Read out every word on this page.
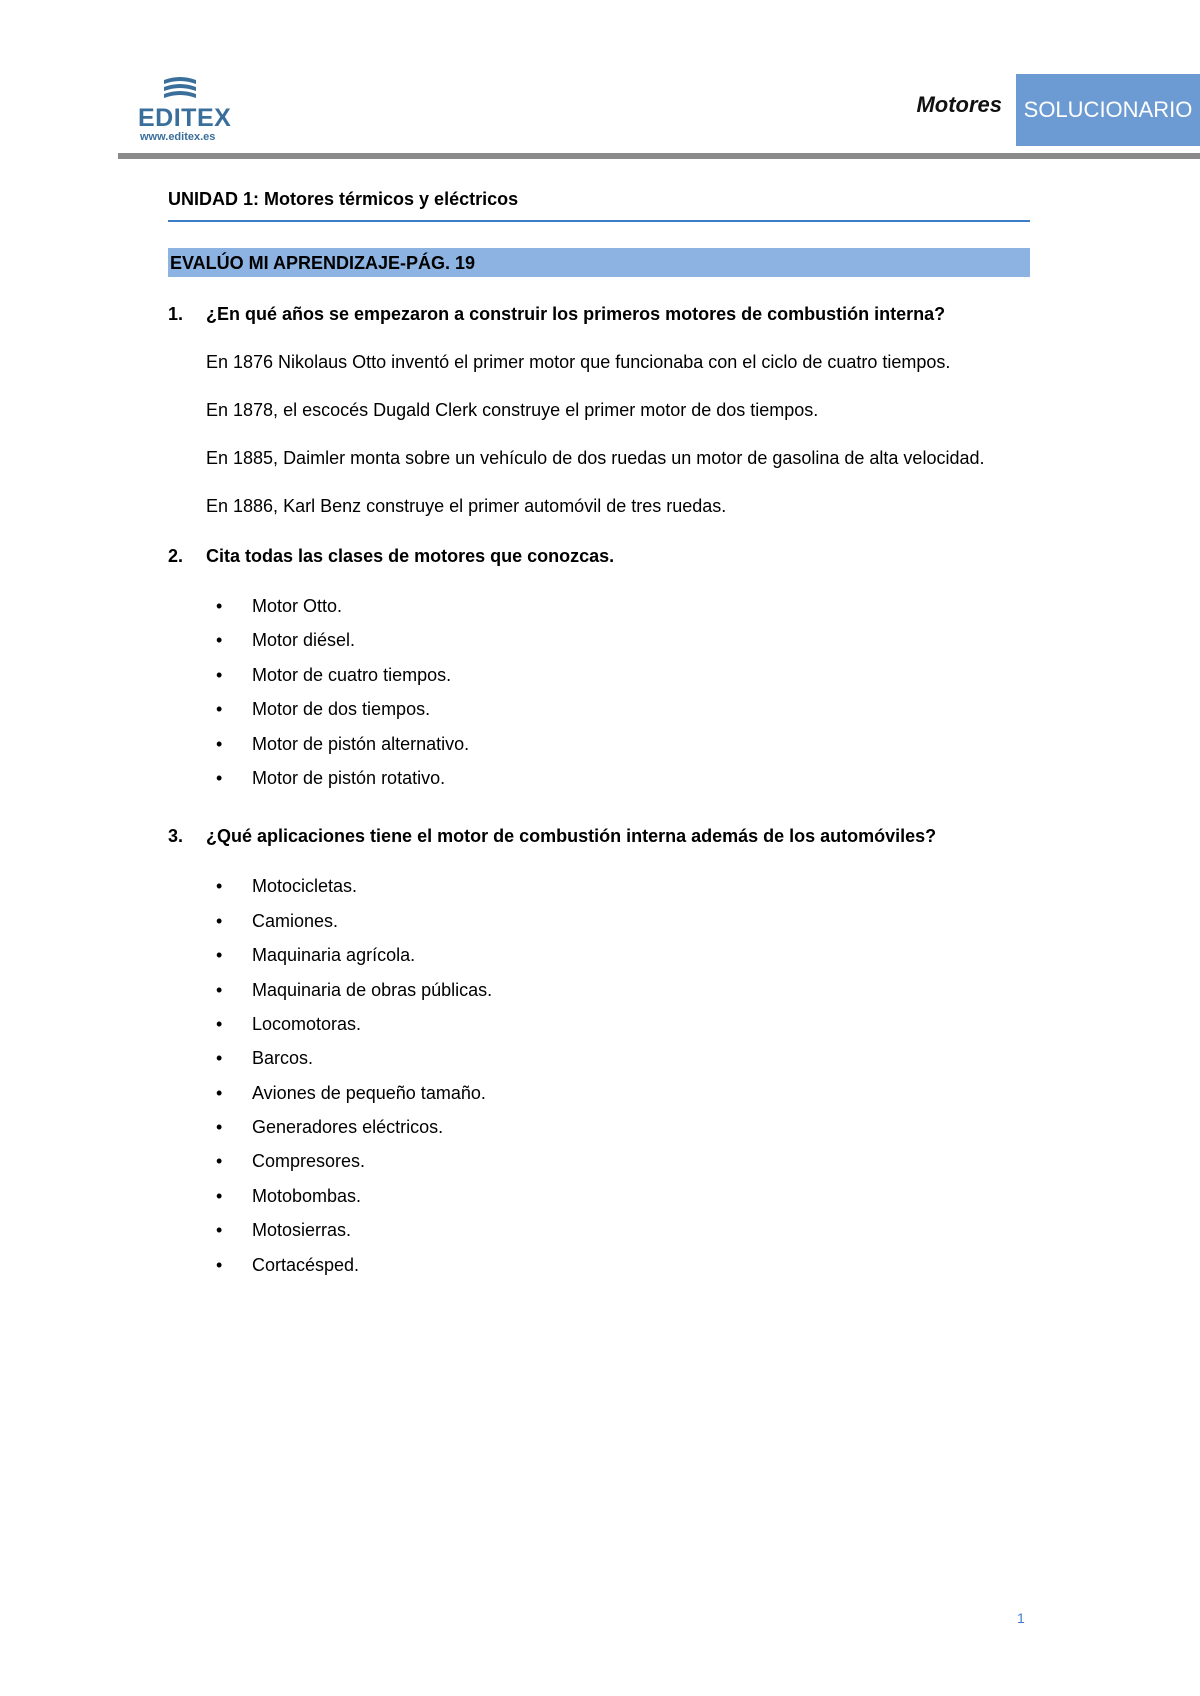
EDITEX
www.editex.es
Motores SOLUCIONARIO
UNIDAD 1: Motores térmicos y eléctricos
EVALÚO MI APRENDIZAJE-PÁG. 19
1.	¿En qué años se empezaron a construir los primeros motores de combustión interna?

En 1876 Nikolaus Otto inventó el primer motor que funcionaba con el ciclo de cuatro tiempos.

En 1878, el escocés Dugald Clerk construye el primer motor de dos tiempos.

En 1885, Daimler monta sobre un vehículo de dos ruedas un motor de gasolina de alta velocidad.

En 1886, Karl Benz construye el primer automóvil de tres ruedas.

2.	Cita todas las clases de motores que conozcas.
• Motor Otto.
• Motor diésel.
• Motor de cuatro tiempos.
• Motor de dos tiempos.
• Motor de pistón alternativo.
• Motor de pistón rotativo.
3.	¿Qué aplicaciones tiene el motor de combustión interna además de los automóviles?
• Motocicletas.
• Camiones.
• Maquinaria agrícola.
• Maquinaria de obras públicas.
• Locomotoras.
• Barcos.
• Aviones de pequeño tamaño.
• Generadores eléctricos.
• Compresores.
• Motobombas.
• Motosierras.
• Cortacésped.
1
